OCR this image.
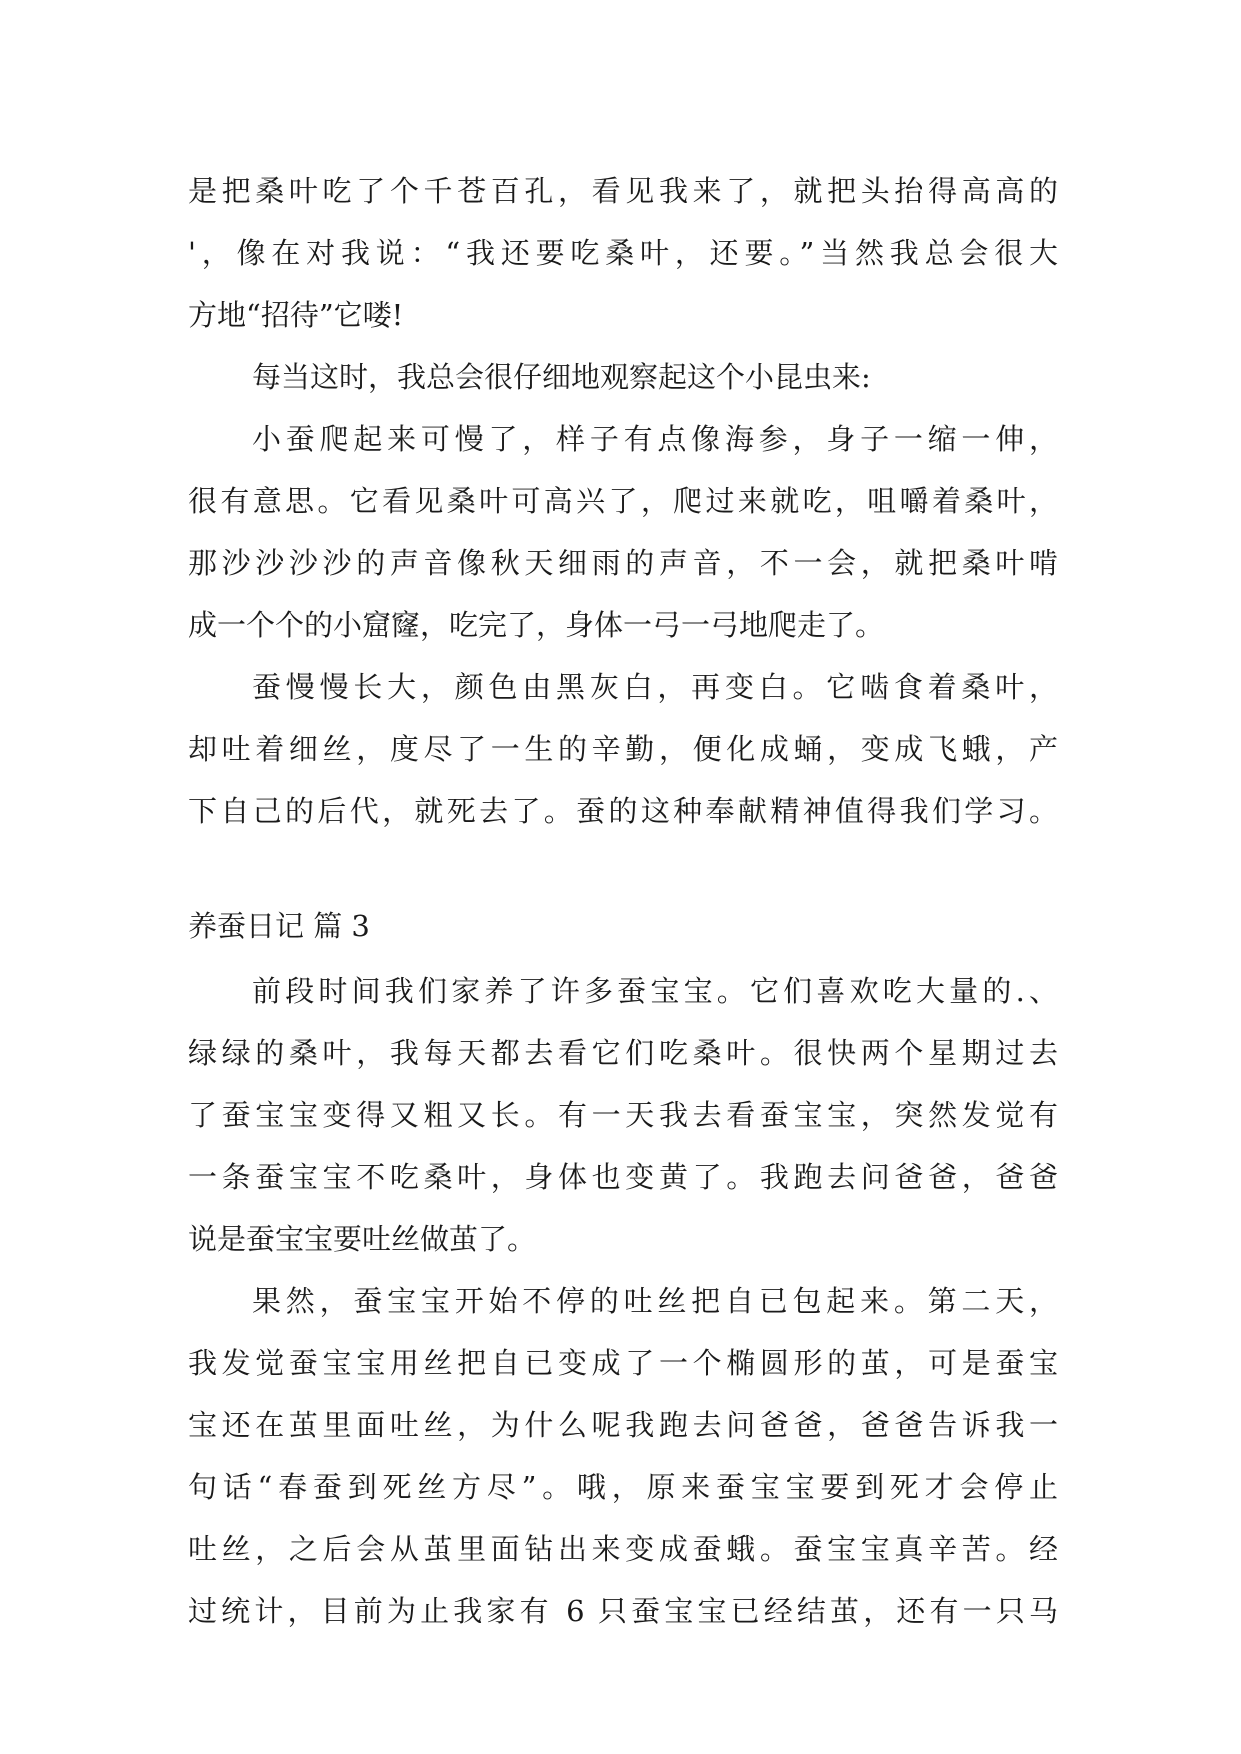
是把桑叶吃了个千苍百孔，看见我来了，就把头抬得高高的
'，像在对我说：“我还要吃桑叶，还要。”当然我总会很大
方地“招待”它喽!
每当这时，我总会很仔细地观察起这个小昆虫来:
小蚕爬起来可慢了，样子有点像海参，身子一缩一伸，
很有意思。它看见桑叶可高兴了，爬过来就吃，咀嚼着桑叶，
那沙沙沙沙的声音像秋天细雨的声音，不一会，就把桑叶啃
成一个个的小窟窿，吃完了，身体一弓一弓地爬走了。
蚕慢慢长大，颜色由黑灰白，再变白。它啮食着桑叶，
却吐着细丝，度尽了一生的辛勤，便化成蛹，变成飞蛾，产
下自己的后代，就死去了。蚕的这种奉献精神值得我们学习。
养蚕日记 篇 3
前段时间我们家养了许多蚕宝宝。它们喜欢吃大量的.、
绿绿的桑叶，我每天都去看它们吃桑叶。很快两个星期过去
了蚕宝宝变得又粗又长。有一天我去看蚕宝宝，突然发觉有
一条蚕宝宝不吃桑叶，身体也变黄了。我跑去问爸爸，爸爸
说是蚕宝宝要吐丝做茧了。
果然，蚕宝宝开始不停的吐丝把自已包起来。第二天，
我发觉蚕宝宝用丝把自已变成了一个椭圆形的茧，可是蚕宝
宝还在茧里面吐丝，为什么呢我跑去问爸爸，爸爸告诉我一
句话“春蚕到死丝方尽”。哦，原来蚕宝宝要到死才会停止
吐丝，之后会从茧里面钻出来变成蚕蛾。蚕宝宝真辛苦。经
过统计，目前为止我家有 6 只蚕宝宝已经结茧，还有一只马
